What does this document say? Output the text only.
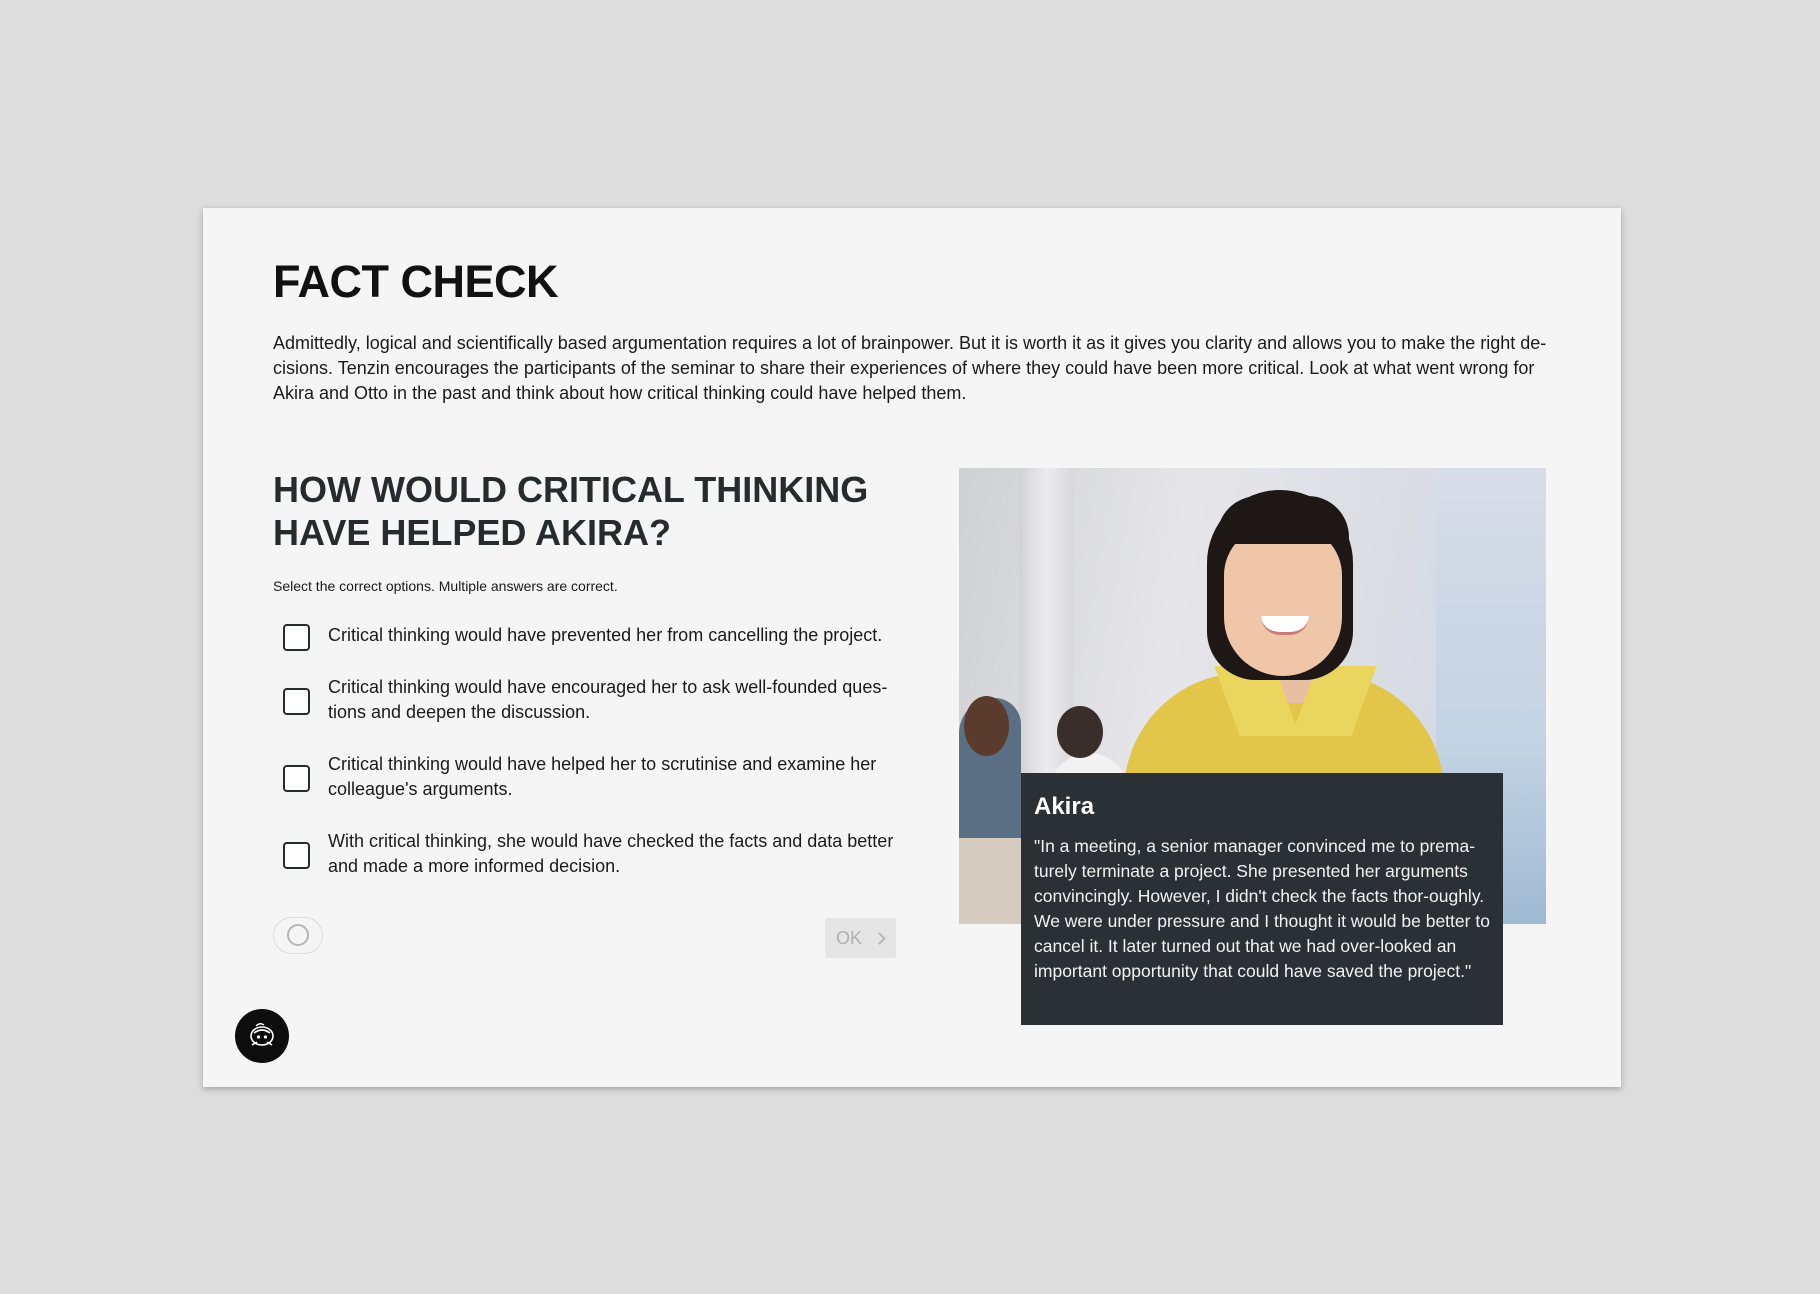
FACT CHECK

Admittedly, logical and scientifically based argumentation requires a lot of brainpower. But it is worth it as it gives you clarity and allows you to make the right de-cisions. Tenzin encourages the participants of the seminar to share their experiences of where they could have been more critical. Look at what went wrong for Akira and Otto in the past and think about how critical thinking could have helped them.

HOW WOULD CRITICAL THINKING HAVE HELPED AKIRA?

Select the correct options. Multiple answers are correct.

Critical thinking would have prevented her from cancelling the project.
Critical thinking would have encouraged her to ask well-founded ques-tions and deepen the discussion.
Critical thinking would have helped her to scrutinise and examine her colleague's arguments.
With critical thinking, she would have checked the facts and data better and made a more informed decision.
OK
Akira

"In a meeting, a senior manager convinced me to prema-turely terminate a project. She presented her arguments convincingly. However, I didn't check the facts thor-oughly. We were under pressure and I thought it would be better to cancel it. It later turned out that we had over-looked an important opportunity that could have saved the project."
